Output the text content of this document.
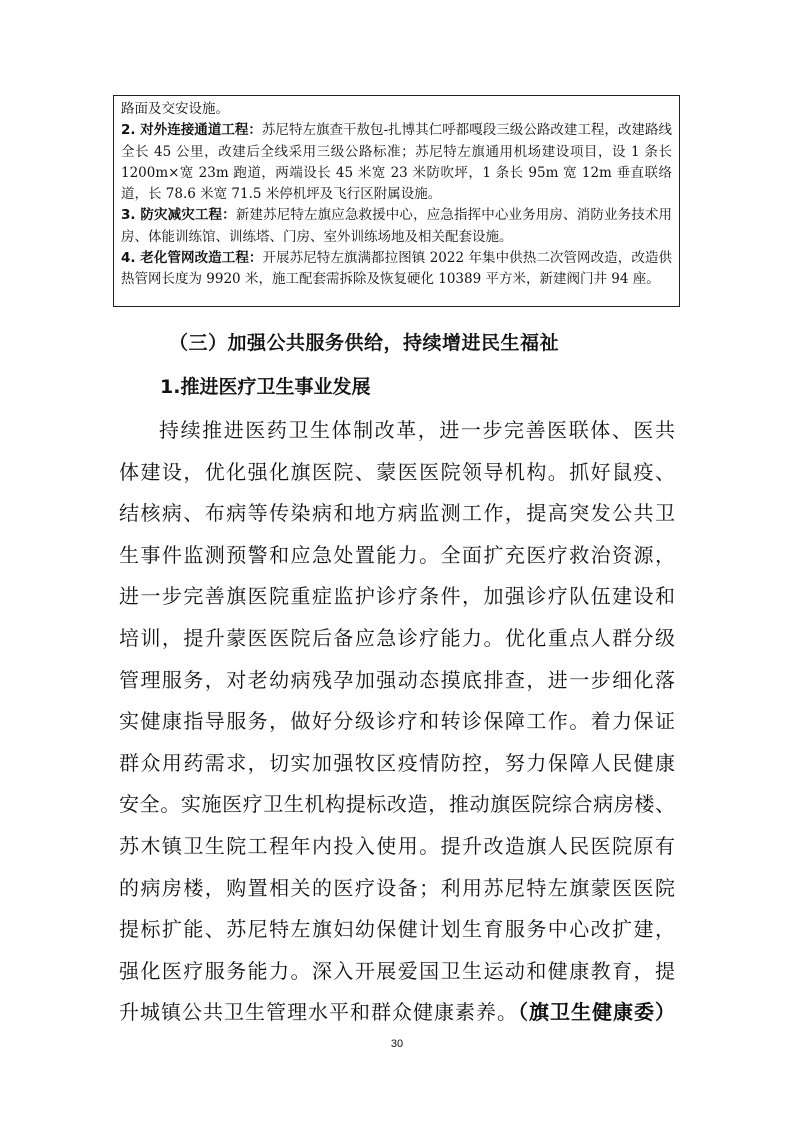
路面及交安设施。

2. 对外连接通道工程：苏尼特左旗查干敖包-扎博其仁呼都嘎段三级公路改建工程，改建路线全长 45 公里，改建后全线采用三级公路标准；苏尼特左旗通用机场建设项目，设 1 条长 1200m×宽 23m 跑道，两端设长 45 米宽 23 米防吹坪，1 条长 95m 宽 12m 垂直联络道，长 78.6 米宽 71.5 米停机坪及飞行区附属设施。

3. 防灾减灾工程：新建苏尼特左旗应急救援中心，应急指挥中心业务用房、消防业务技术用房、体能训练馆、训练塔、门房、室外训练场地及相关配套设施。

4. 老化管网改造工程：开展苏尼特左旗满都拉图镇 2022 年集中供热二次管网改造，改造供热管网长度为 9920 米，施工配套需拆除及恢复硬化 10389 平方米，新建阀门井 94 座。

（三）加强公共服务供给，持续增进民生福祉
1.推进医疗卫生事业发展
持续推进医药卫生体制改革，进一步完善医联体、医共
体建设，优化强化旗医院、蒙医医院领导机构。抓好鼠疫、
结核病、布病等传染病和地方病监测工作，提高突发公共卫
生事件监测预警和应急处置能力。全面扩充医疗救治资源，
进一步完善旗医院重症监护诊疗条件，加强诊疗队伍建设和
培训，提升蒙医医院后备应急诊疗能力。优化重点人群分级
管理服务，对老幼病残孕加强动态摸底排查，进一步细化落
实健康指导服务，做好分级诊疗和转诊保障工作。着力保证
群众用药需求，切实加强牧区疫情防控，努力保障人民健康
安全。实施医疗卫生机构提标改造，推动旗医院综合病房楼、
苏木镇卫生院工程年内投入使用。提升改造旗人民医院原有
的病房楼，购置相关的医疗设备；利用苏尼特左旗蒙医医院
提标扩能、苏尼特左旗妇幼保健计划生育服务中心改扩建，
强化医疗服务能力。深入开展爱国卫生运动和健康教育，提
升城镇公共卫生管理水平和群众健康素养。（旗卫生健康委）
30
